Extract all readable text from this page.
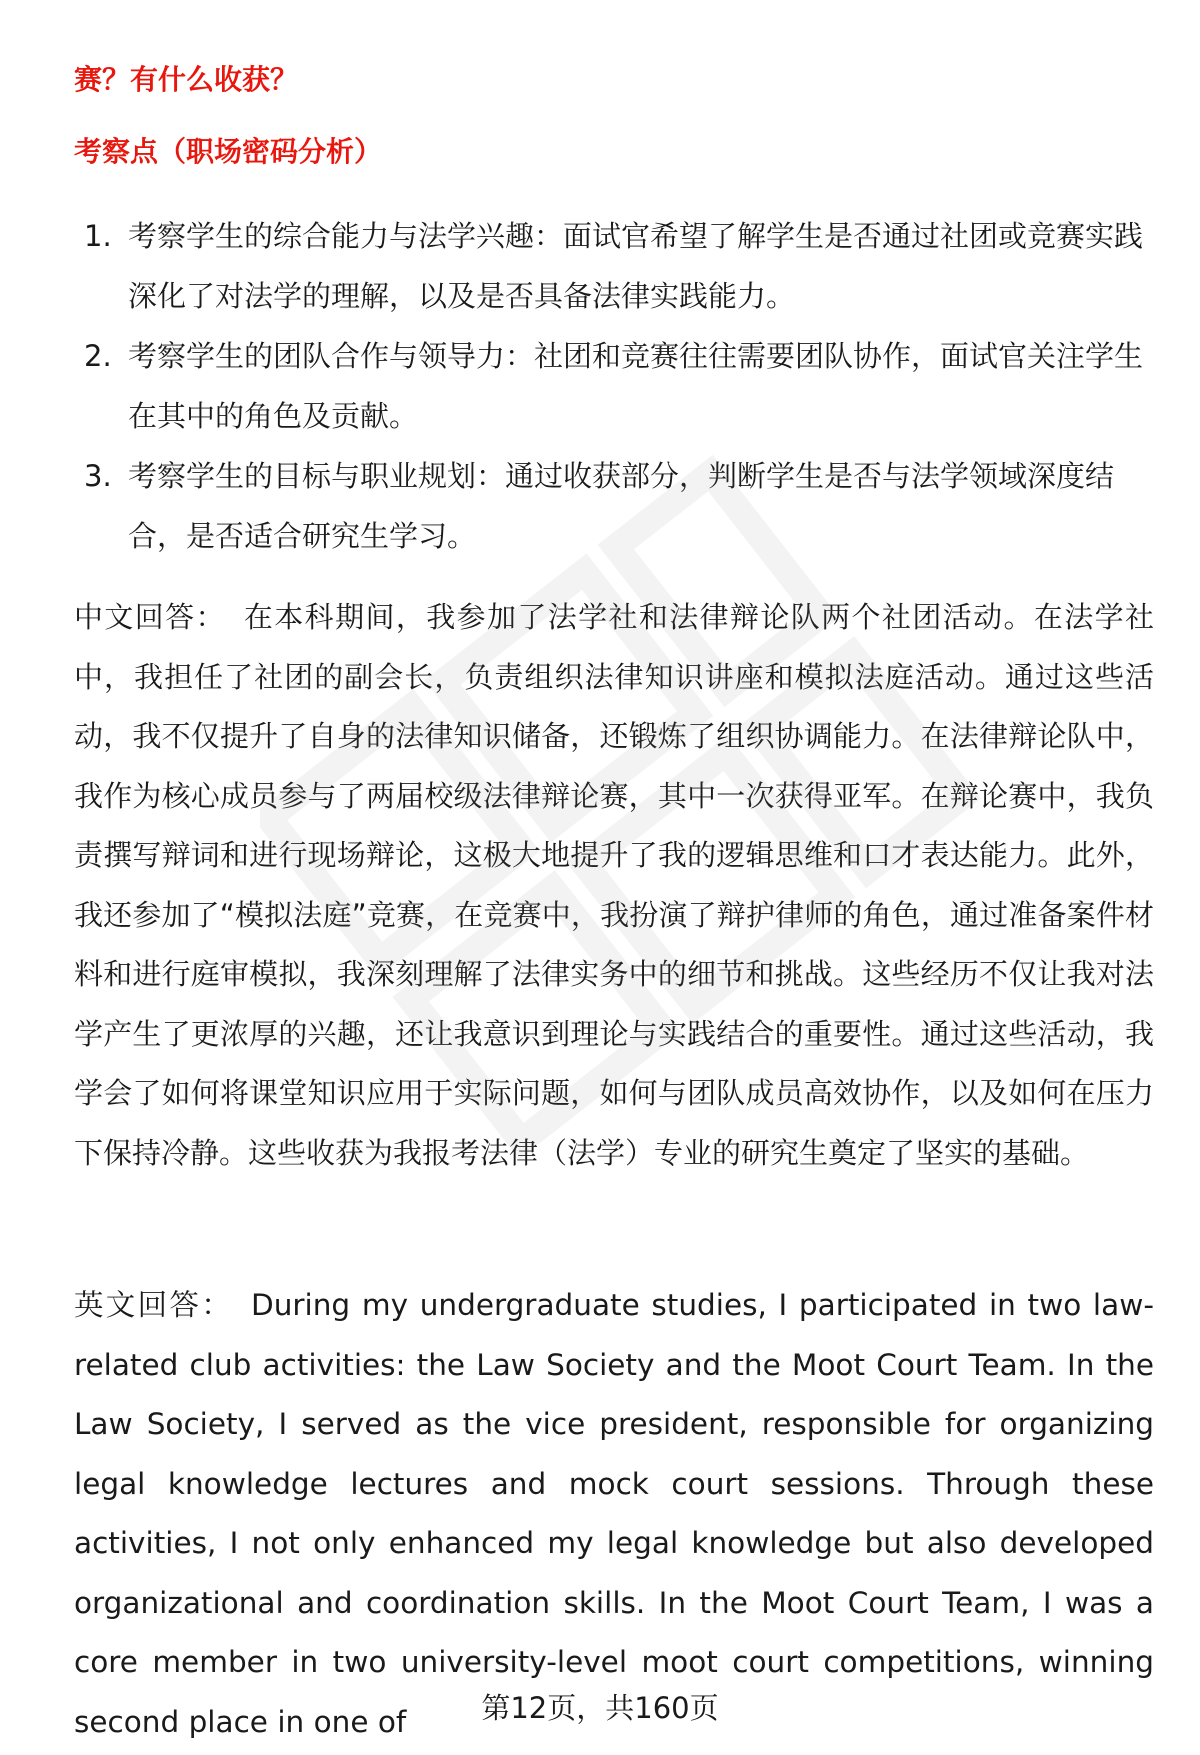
赛？有什么收获？
考察点（职场密码分析）
1. 考察学生的综合能力与法学兴趣：面试官希望了解学生是否通过社团或竞赛实践深化了对法学的理解，以及是否具备法律实践能力。
2. 考察学生的团队合作与领导力：社团和竞赛往往需要团队协作，面试官关注学生在其中的角色及贡献。
3. 考察学生的目标与职业规划：通过收获部分，判断学生是否与法学领域深度结合，是否适合研究生学习。

中文回答： 在本科期间，我参加了法学社和法律辩论队两个社团活动。在法学社中，我担任了社团的副会长，负责组织法律知识讲座和模拟法庭活动。通过这些活动，我不仅提升了自身的法律知识储备，还锻炼了组织协调能力。在法律辩论队中，我作为核心成员参与了两届校级法律辩论赛，其中一次获得亚军。在辩论赛中，我负责撰写辩词和进行现场辩论，这极大地提升了我的逻辑思维和口才表达能力。此外，我还参加了“模拟法庭”竞赛，在竞赛中，我扮演了辩护律师的角色，通过准备案件材料和进行庭审模拟，我深刻理解了法律实务中的细节和挑战。这些经历不仅让我对法学产生了更浓厚的兴趣，还让我意识到理论与实践结合的重要性。通过这些活动，我学会了如何将课堂知识应用于实际问题，如何与团队成员高效协作，以及如何在压力下保持冷静。这些收获为我报考法律（法学）专业的研究生奠定了坚实的基础。

英文回答： During my undergraduate studies, I participated in two law-related club activities: the Law Society and the Moot Court Team. In the Law Society, I served as the vice president, responsible for organizing legal knowledge lectures and mock court sessions. Through these activities, I not only enhanced my legal knowledge but also developed organizational and coordination skills. In the Moot Court Team, I was a core member in two university-level moot court competitions, winning second place in one of	第12页，共160页
